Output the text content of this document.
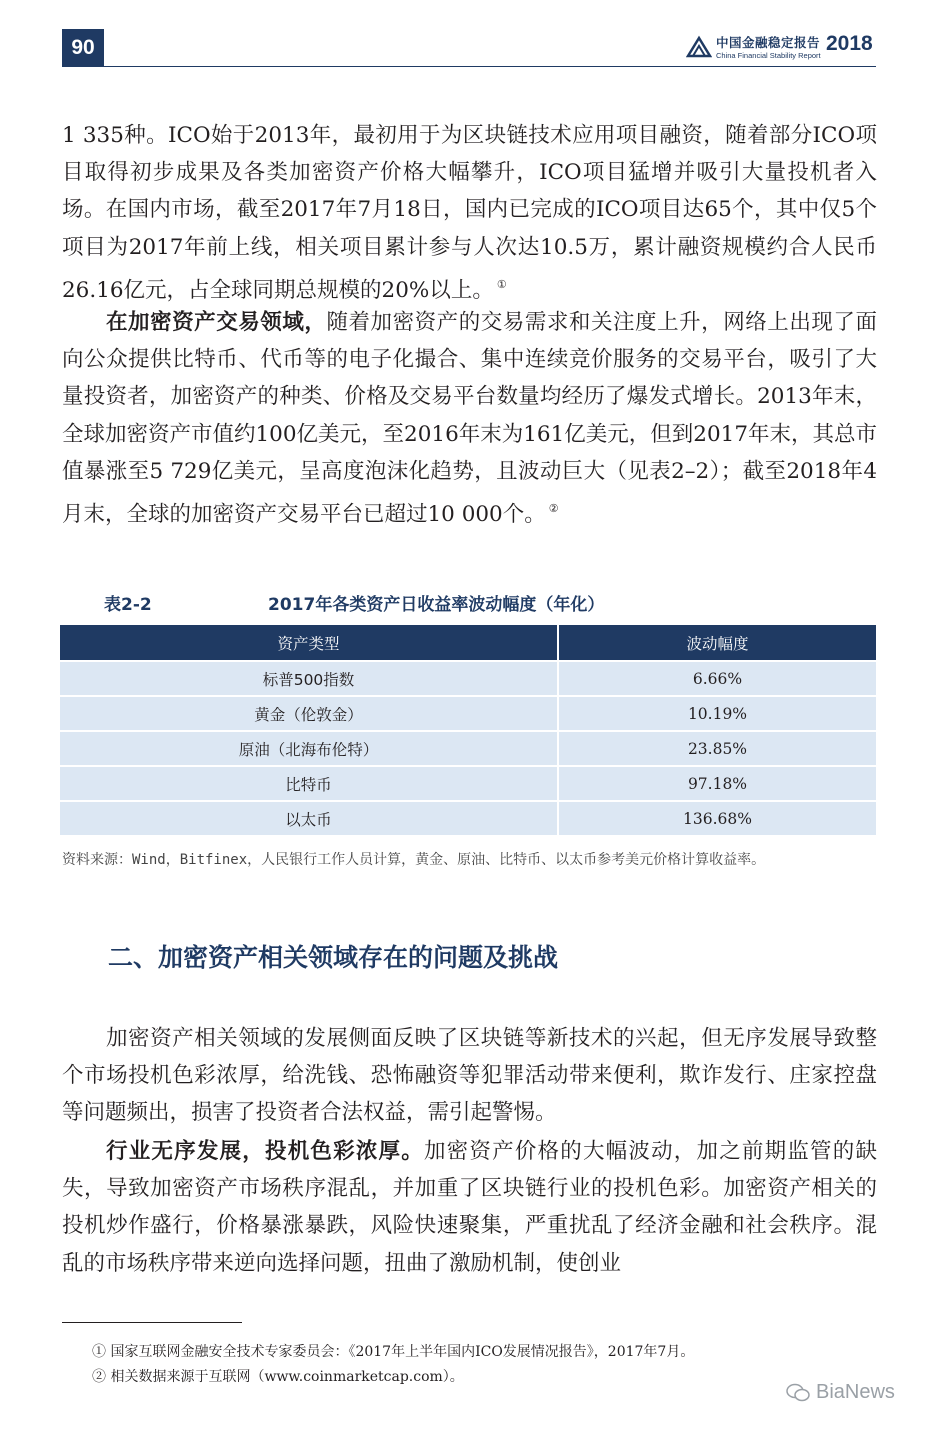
90	中国金融稳定报告 2018
China Financial Stability Report

1 335种。ICO始于2013年，最初用于为区块链技术应用项目融资，随着部分ICO项目取得初步成果及各类加密资产价格大幅攀升，ICO项目猛增并吸引大量投机者入场。在国内市场，截至2017年7月18日，国内已完成的ICO项目达65个，其中仅5个项目为2017年前上线，相关项目累计参与人次达10.5万，累计融资规模约合人民币26.16亿元，占全球同期总规模的20%以上。 ①

在加密资产交易领域，随着加密资产的交易需求和关注度上升，网络上出现了面向公众提供比特币、代币等的电子化撮合、集中连续竞价服务的交易平台，吸引了大量投资者，加密资产的种类、价格及交易平台数量均经历了爆发式增长。2013年末，全球加密资产市值约100亿美元，至2016年末为161亿美元，但到2017年末，其总市值暴涨至5 729亿美元，呈高度泡沫化趋势，且波动巨大（见表2–2）；截至2018年4月末，全球的加密资产交易平台已超过10 000个。 ②

表2-2	2017年各类资产日收益率波动幅度（年化）
资产类型	波动幅度
标普500指数	6.66%
黄金（伦敦金）	10.19%
原油（北海布伦特）	23.85%
比特币	97.18%
以太币	136.68%
资料来源：Wind，Bitfinex，人民银行工作人员计算，黄金、原油、比特币、以太币参考美元价格计算收益率。
二、加密资产相关领域存在的问题及挑战

加密资产相关领域的发展侧面反映了区块链等新技术的兴起，但无序发展导致整个市场投机色彩浓厚，给洗钱、恐怖融资等犯罪活动带来便利，欺诈发行、庄家控盘等问题频出，损害了投资者合法权益，需引起警惕。

行业无序发展，投机色彩浓厚。加密资产价格的大幅波动，加之前期监管的缺失，导致加密资产市场秩序混乱，并加重了区块链行业的投机色彩。加密资产相关的投机炒作盛行，价格暴涨暴跌，风险快速聚集，严重扰乱了经济金融和社会秩序。混乱的市场秩序带来逆向选择问题，扭曲了激励机制，使创业

① 国家互联网金融安全技术专家委员会：《2017年上半年国内ICO发展情况报告》，2017年7月。
② 相关数据来源于互联网（www.coinmarketcap.com）。
BiaNews
